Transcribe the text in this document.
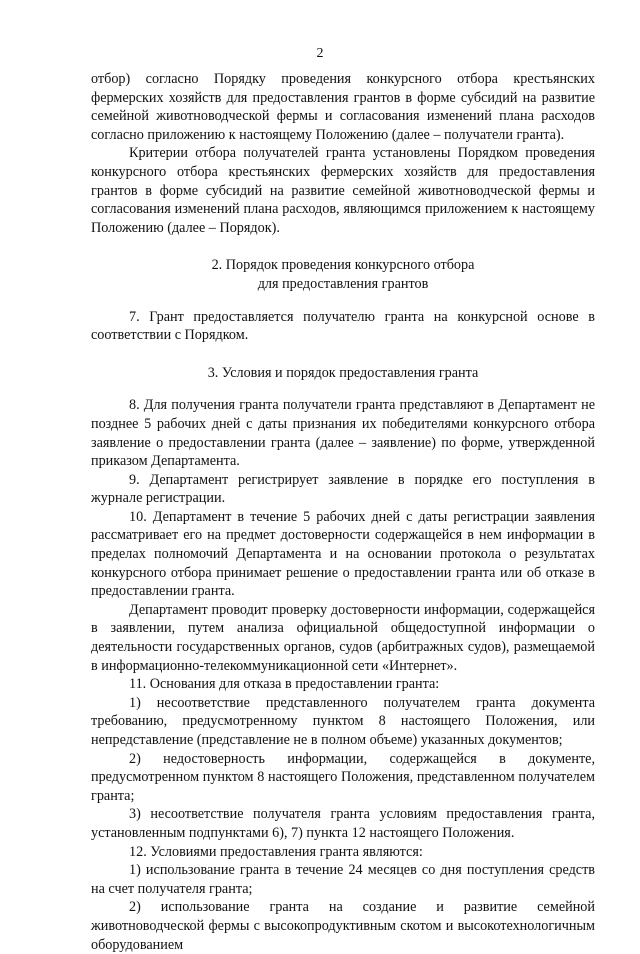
2

отбор) согласно Порядку проведения конкурсного отбора крестьянских фермерских хозяйств для предоставления грантов в форме субсидий на развитие семейной животноводческой фермы и согласования изменений плана расходов согласно приложению к настоящему Положению (далее – получатели гранта).

Критерии отбора получателей гранта установлены Порядком проведения конкурсного отбора крестьянских фермерских хозяйств для предоставления грантов в форме субсидий на развитие семейной животноводческой фермы и согласования изменений плана расходов, являющимся приложением к настоящему Положению (далее – Порядок).

2. Порядок проведения конкурсного отбора
для предоставления грантов

7. Грант предоставляется получателю гранта на конкурсной основе в соответствии с Порядком.

3. Условия и порядок предоставления гранта

8. Для получения гранта получатели гранта представляют в Департамент не позднее 5 рабочих дней с даты признания их победителями конкурсного отбора заявление о предоставлении гранта (далее – заявление) по форме, утвержденной приказом Департамента.

9. Департамент регистрирует заявление в порядке его поступления в журнале регистрации.

10. Департамент в течение 5 рабочих дней с даты регистрации заявления рассматривает его на предмет достоверности содержащейся в нем информации в пределах полномочий Департамента и на основании протокола о результатах конкурсного отбора принимает решение о предоставлении гранта или об отказе в предоставлении гранта.

Департамент проводит проверку достоверности информации, содержащейся в заявлении, путем анализа официальной общедоступной информации о деятельности государственных органов, судов (арбитражных судов), размещаемой в информационно-телекоммуникационной сети «Интернет».

11. Основания для отказа в предоставлении гранта:

1) несоответствие представленного получателем гранта документа требованию, предусмотренному пунктом 8 настоящего Положения, или непредставление (представление не в полном объеме) указанных документов;

2) недостоверность информации, содержащейся в документе, предусмотренном пунктом 8 настоящего Положения, представленном получателем гранта;

3) несоответствие получателя гранта условиям предоставления гранта, установленным подпунктами 6), 7) пункта 12 настоящего Положения.

12. Условиями предоставления гранта являются:

1) использование гранта в течение 24 месяцев со дня поступления средств на счет получателя гранта;

2) использование гранта на создание и развитие семейной животноводческой фермы с высокопродуктивным скотом и высокотехнологичным оборудованием
